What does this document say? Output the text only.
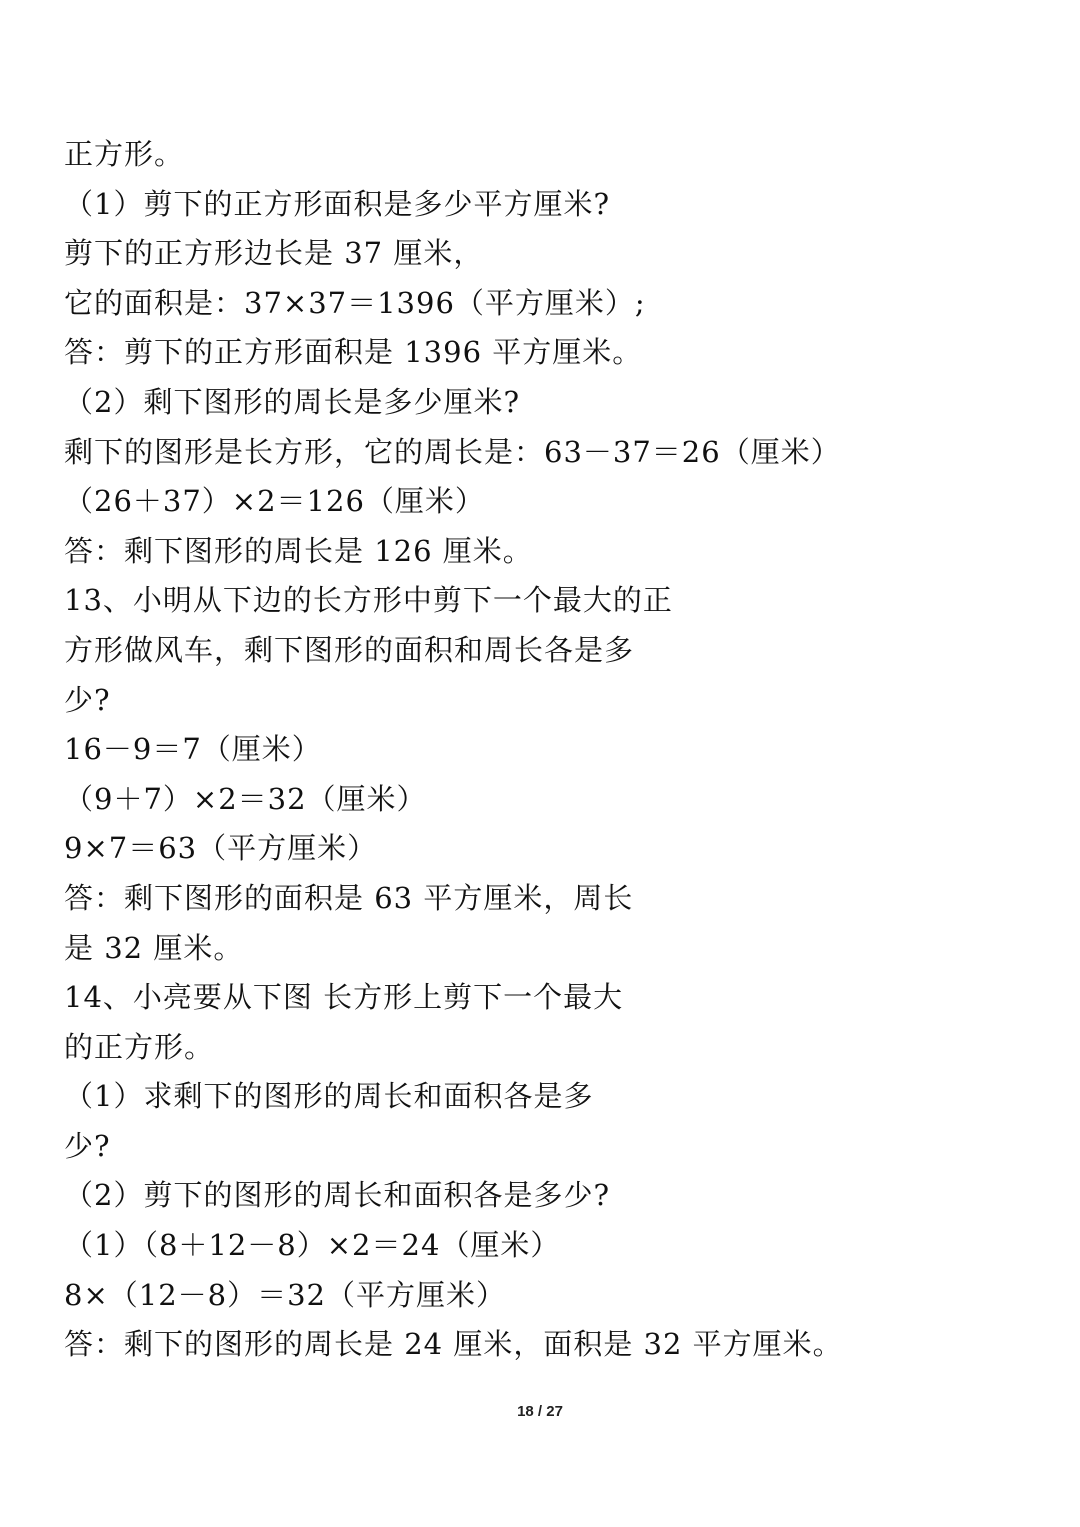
正方形。
（1）剪下的正方形面积是多少平方厘米?
剪下的正方形边长是 37 厘米，
它的面积是：37×37＝1396（平方厘米）;
答：剪下的正方形面积是 1396 平方厘米。
（2）剩下图形的周长是多少厘米?
剩下的图形是长方形，它的周长是：63－37＝26（厘米）
（26＋37）×2＝126（厘米）
答：剩下图形的周长是 126 厘米。
13、小明从下边的长方形中剪下一个最大的正
方形做风车，剩下图形的面积和周长各是多
少?
16－9＝7（厘米）
（9＋7）×2＝32（厘米）
9×7＝63（平方厘米）
答：剩下图形的面积是 63 平方厘米，周长
是 32 厘米。
14、小亮要从下图 长方形上剪下一个最大
的正方形。
（1）求剩下的图形的周长和面积各是多
少?
（2）剪下的图形的周长和面积各是多少?
（1）（8＋12－8）×2＝24（厘米）
8×（12－8）＝32（平方厘米）
答：剩下的图形的周长是 24 厘米，面积是 32 平方厘米。
18 / 27
